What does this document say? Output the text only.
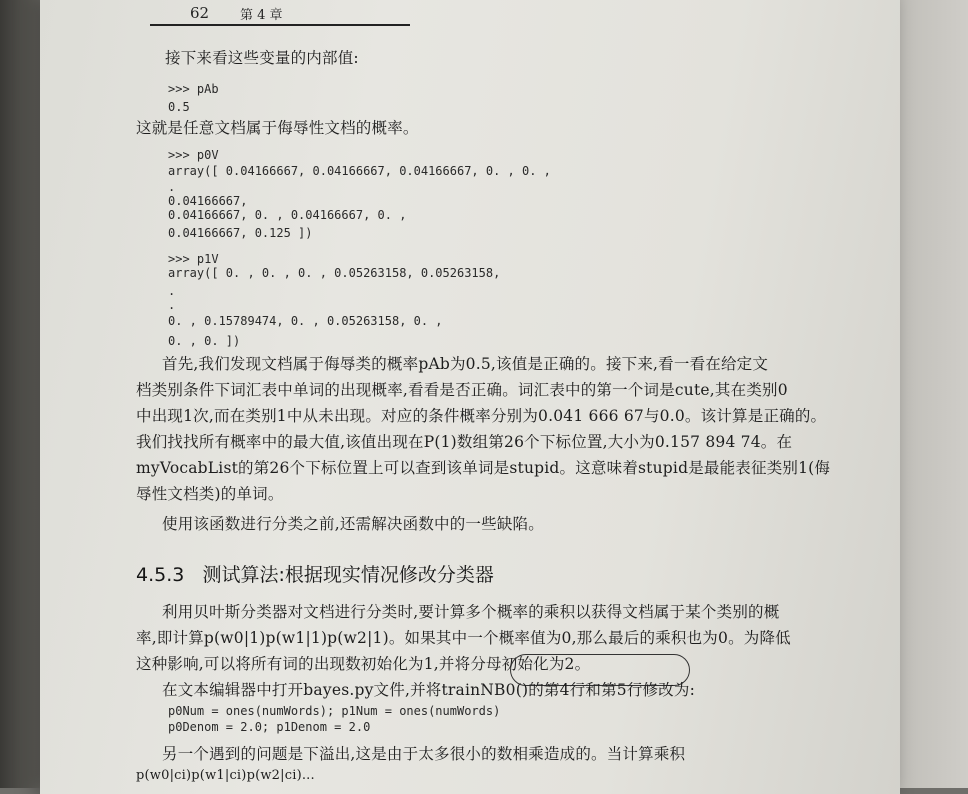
62 第 4 章
接下来看这些变量的内部值:
>>> pAb
0.5
这就是任意文档属于侮辱性文档的概率。
>>> p0V
array([ 0.04166667, 0.04166667, 0.04166667, 0. , 0. ,
.
0.04166667,
0.04166667, 0. , 0.04166667, 0. ,
0.04166667, 0.125 ])
>>> p1V
array([ 0. , 0. , 0. , 0.05263158, 0.05263158,
.
.
0. , 0.15789474, 0. , 0.05263158, 0. ,
0. , 0. ])
首先,我们发现文档属于侮辱类的概率pAb为0.5,该值是正确的。接下来,看一看在给定文
档类别条件下词汇表中单词的出现概率,看看是否正确。词汇表中的第一个词是cute,其在类别0
中出现1次,而在类别1中从未出现。对应的条件概率分别为0.041 666 67与0.0。该计算是正确的。
我们找找所有概率中的最大值,该值出现在P(1)数组第26个下标位置,大小为0.157 894 74。在
myVocabList的第26个下标位置上可以查到该单词是stupid。这意味着stupid是最能表征类别1(侮
辱性文档类)的单词。
使用该函数进行分类之前,还需解决函数中的一些缺陷。
4.5.3 测试算法:根据现实情况修改分类器
利用贝叶斯分类器对文档进行分类时,要计算多个概率的乘积以获得文档属于某个类别的概
率,即计算p(w0|1)p(w1|1)p(w2|1)。如果其中一个概率值为0,那么最后的乘积也为0。为降低
这种影响,可以将所有词的出现数初始化为1,并将分母初始化为2。
在文本编辑器中打开bayes.py文件,并将trainNB0()的第4行和第5行修改为:
p0Num = ones(numWords); p1Num = ones(numWords)
p0Denom = 2.0; p1Denom = 2.0
另一个遇到的问题是下溢出,这是由于太多很小的数相乘造成的。当计算乘积
p(w0|ci)p(w1|ci)p(w2|ci)...
